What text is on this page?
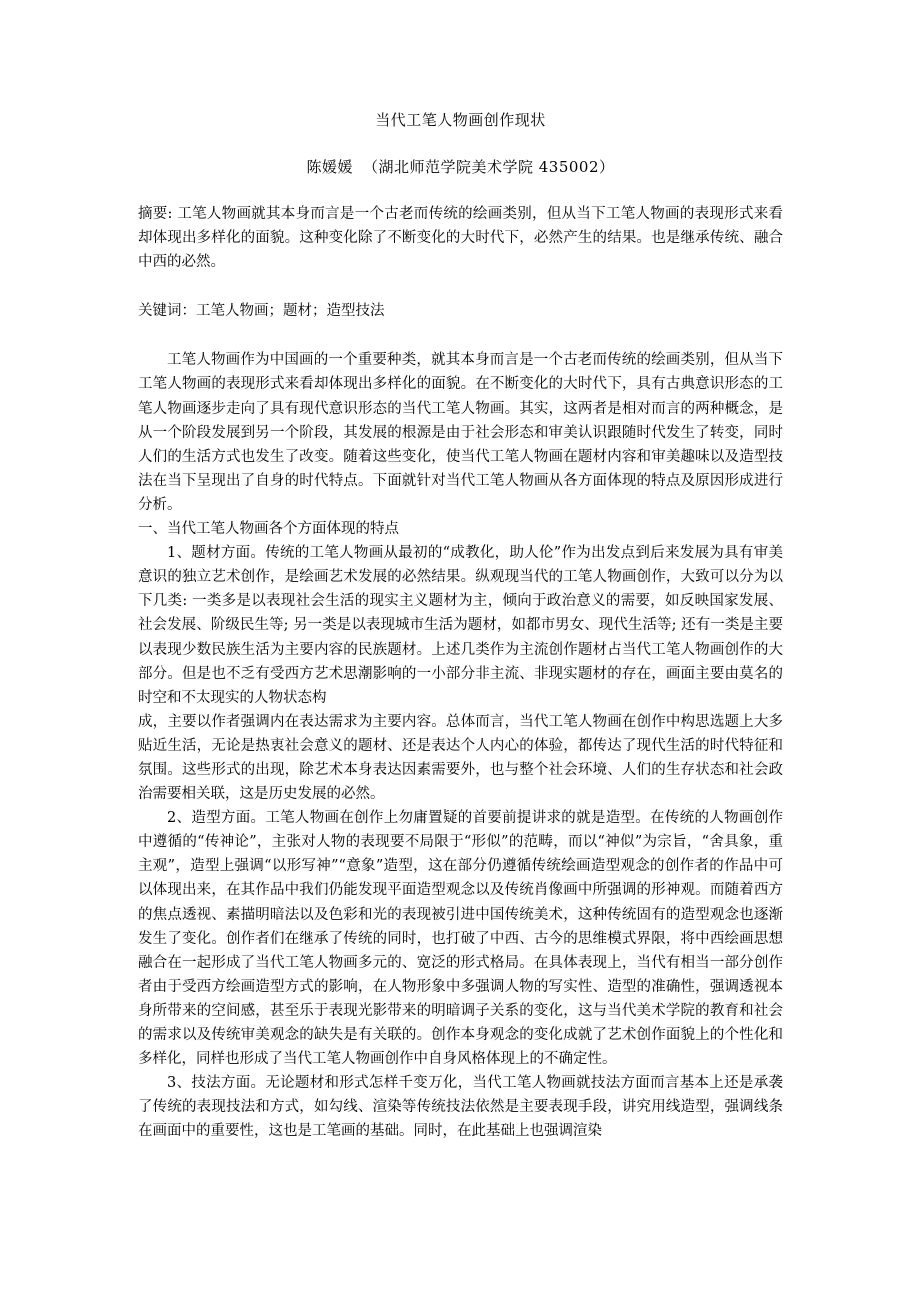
当代工笔人物画创作现状

陈媛媛 （湖北师范学院美术学院 435002）

摘要: 工笔人物画就其本身而言是一个古老而传统的绘画类别，但从当下工笔人物画的表现形式来看却体现出多样化的面貌。这种变化除了不断变化的大时代下，必然产生的结果。也是继承传统、融合中西的必然。

关键词：工笔人物画；题材；造型技法

工笔人物画作为中国画的一个重要种类，就其本身而言是一个古老而传统的绘画类别，但从当下工笔人物画的表现形式来看却体现出多样化的面貌。在不断变化的大时代下，具有古典意识形态的工笔人物画逐步走向了具有现代意识形态的当代工笔人物画。其实，这两者是相对而言的两种概念，是从一个阶段发展到另一个阶段，其发展的根源是由于社会形态和审美认识跟随时代发生了转变，同时人们的生活方式也发生了改变。随着这些变化，使当代工笔人物画在题材内容和审美趣味以及造型技法在当下呈现出了自身的时代特点。下面就针对当代工笔人物画从各方面体现的特点及原因形成进行分析。

一、当代工笔人物画各个方面体现的特点

1、题材方面。传统的工笔人物画从最初的“成教化，助人伦”作为出发点到后来发展为具有审美意识的独立艺术创作，是绘画艺术发展的必然结果。纵观现当代的工笔人物画创作，大致可以分为以下几类: 一类多是以表现社会生活的现实主义题材为主，倾向于政治意义的需要，如反映国家发展、社会发展、阶级民生等; 另一类是以表现城市生活为题材，如都市男女、现代生活等; 还有一类是主要以表现少数民族生活为主要内容的民族题材。上述几类作为主流创作题材占当代工笔人物画创作的大部分。但是也不乏有受西方艺术思潮影响的一小部分非主流、非现实题材的存在，画面主要由莫名的时空和不太现实的人物状态构

成，主要以作者强调内在表达需求为主要内容。总体而言，当代工笔人物画在创作中构思选题上大多贴近生活，无论是热衷社会意义的题材、还是表达个人内心的体验，都传达了现代生活的时代特征和氛围。这些形式的出现，除艺术本身表达因素需要外，也与整个社会环境、人们的生存状态和社会政治需要相关联，这是历史发展的必然。

2、造型方面。工笔人物画在创作上勿庸置疑的首要前提讲求的就是造型。在传统的人物画创作中遵循的“传神论”，主张对人物的表现要不局限于“形似”的范畴，而以“神似”为宗旨，“舍具象，重主观”，造型上强调“以形写神”“意象”造型，这在部分仍遵循传统绘画造型观念的创作者的作品中可以体现出来，在其作品中我们仍能发现平面造型观念以及传统肖像画中所强调的形神观。而随着西方的焦点透视、素描明暗法以及色彩和光的表现被引进中国传统美术，这种传统固有的造型观念也逐渐发生了变化。创作者们在继承了传统的同时，也打破了中西、古今的思维模式界限，将中西绘画思想融合在一起形成了当代工笔人物画多元的、宽泛的形式格局。在具体表现上，当代有相当一部分创作者由于受西方绘画造型方式的影响，在人物形象中多强调人物的写实性、造型的准确性，强调透视本身所带来的空间感，甚至乐于表现光影带来的明暗调子关系的变化，这与当代美术学院的教育和社会的需求以及传统审美观念的缺失是有关联的。创作本身观念的变化成就了艺术创作面貌上的个性化和多样化，同样也形成了当代工笔人物画创作中自身风格体现上的不确定性。

3、技法方面。无论题材和形式怎样千变万化，当代工笔人物画就技法方面而言基本上还是承袭了传统的表现技法和方式，如勾线、渲染等传统技法依然是主要表现手段，讲究用线造型，强调线条在画面中的重要性，这也是工笔画的基础。同时，在此基础上也强调渲染
